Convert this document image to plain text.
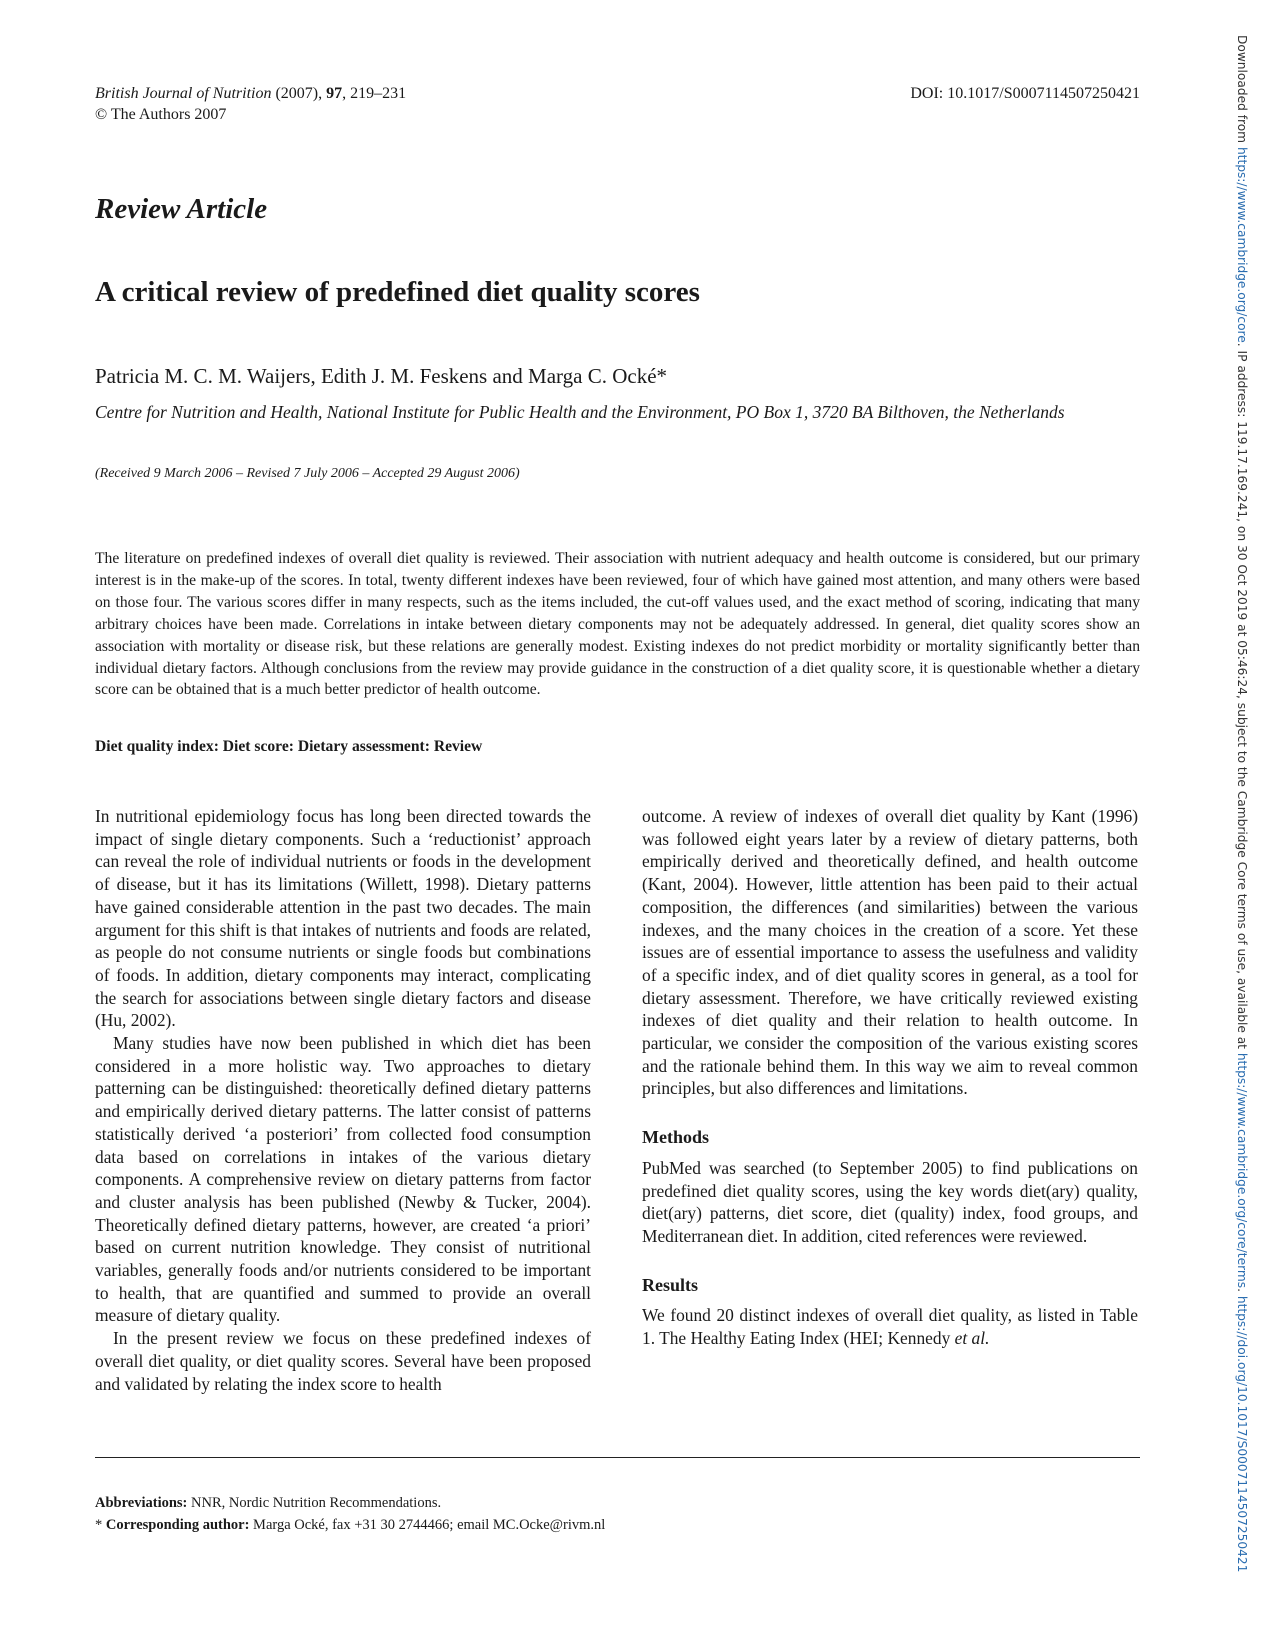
British Journal of Nutrition (2007), 97, 219–231
© The Authors 2007
DOI: 10.1017/S0007114507250421
Review Article
A critical review of predefined diet quality scores
Patricia M. C. M. Waijers, Edith J. M. Feskens and Marga C. Ocké*
Centre for Nutrition and Health, National Institute for Public Health and the Environment, PO Box 1, 3720 BA Bilthoven, the Netherlands
(Received 9 March 2006 – Revised 7 July 2006 – Accepted 29 August 2006)
The literature on predefined indexes of overall diet quality is reviewed. Their association with nutrient adequacy and health outcome is considered, but our primary interest is in the make-up of the scores. In total, twenty different indexes have been reviewed, four of which have gained most attention, and many others were based on those four. The various scores differ in many respects, such as the items included, the cut-off values used, and the exact method of scoring, indicating that many arbitrary choices have been made. Correlations in intake between dietary components may not be adequately addressed. In general, diet quality scores show an association with mortality or disease risk, but these relations are generally modest. Existing indexes do not predict morbidity or mortality significantly better than individual dietary factors. Although conclusions from the review may provide guidance in the construction of a diet quality score, it is questionable whether a dietary score can be obtained that is a much better predictor of health outcome.
Diet quality index: Diet score: Dietary assessment: Review

In nutritional epidemiology focus has long been directed towards the impact of single dietary components. Such a ‘reductionist’ approach can reveal the role of individual nutrients or foods in the development of disease, but it has its limitations (Willett, 1998). Dietary patterns have gained considerable attention in the past two decades. The main argument for this shift is that intakes of nutrients and foods are related, as people do not consume nutrients or single foods but combinations of foods. In addition, dietary components may interact, complicating the search for associations between single dietary factors and disease (Hu, 2002).

Many studies have now been published in which diet has been considered in a more holistic way. Two approaches to dietary patterning can be distinguished: theoretically defined dietary patterns and empirically derived dietary patterns. The latter consist of patterns statistically derived ‘a posteriori’ from collected food consumption data based on correlations in intakes of the various dietary components. A comprehensive review on dietary patterns from factor and cluster analysis has been published (Newby & Tucker, 2004). Theoretically defined dietary patterns, however, are created ‘a priori’ based on current nutrition knowledge. They consist of nutritional variables, generally foods and/or nutrients considered to be important to health, that are quantified and summed to provide an overall measure of dietary quality.

In the present review we focus on these predefined indexes of overall diet quality, or diet quality scores. Several have been proposed and validated by relating the index score to health

outcome. A review of indexes of overall diet quality by Kant (1996) was followed eight years later by a review of dietary patterns, both empirically derived and theoretically defined, and health outcome (Kant, 2004). However, little attention has been paid to their actual composition, the differences (and similarities) between the various indexes, and the many choices in the creation of a score. Yet these issues are of essential importance to assess the usefulness and validity of a specific index, and of diet quality scores in general, as a tool for dietary assessment. Therefore, we have critically reviewed existing indexes of diet quality and their relation to health outcome. In particular, we consider the composition of the various existing scores and the rationale behind them. In this way we aim to reveal common principles, but also differences and limitations.

Methods

PubMed was searched (to September 2005) to find publications on predefined diet quality scores, using the key words diet(ary) quality, diet(ary) patterns, diet score, diet (quality) index, food groups, and Mediterranean diet. In addition, cited references were reviewed.

Results

We found 20 distinct indexes of overall diet quality, as listed in Table 1. The Healthy Eating Index (HEI; Kennedy et al.

Abbreviations: NNR, Nordic Nutrition Recommendations.
* Corresponding author: Marga Ocké, fax +31 30 2744466; email MC.Ocke@rivm.nl
Downloaded from https://www.cambridge.org/core. IP address: 119.17.169.241, on 30 Oct 2019 at 05:46:24, subject to the Cambridge Core terms of use, available at https://www.cambridge.org/core/terms. https://doi.org/10.1017/S0007114507250421
